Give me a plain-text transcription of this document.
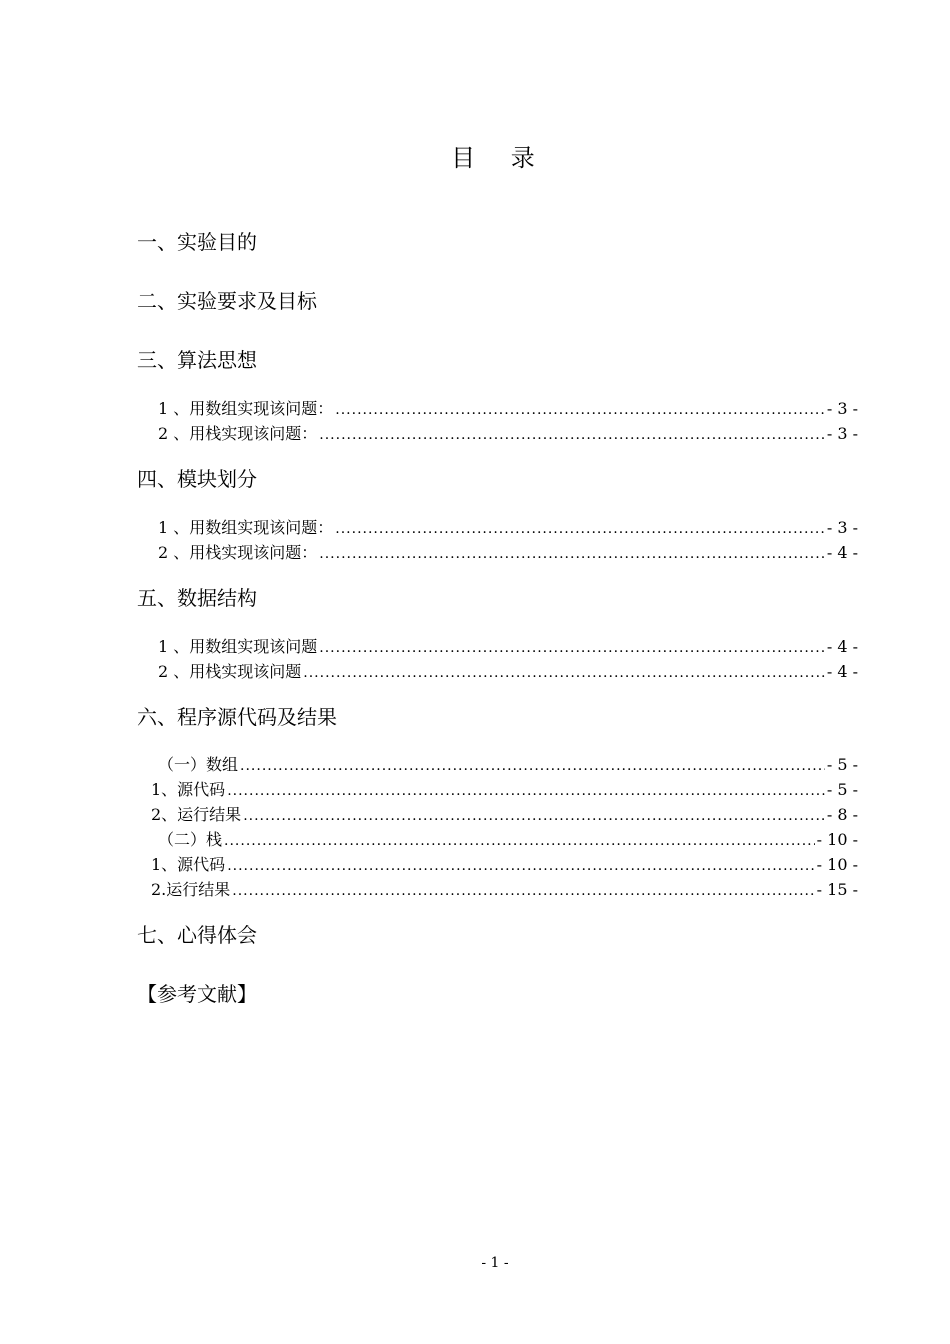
目 录
一、实验目的
二、实验要求及目标
三、算法思想
1 、用数组实现该问题： .....	- 3 -
2 、用栈实现该问题： .....	- 3 -
四、模块划分
1 、用数组实现该问题： .....	- 3 -
2 、用栈实现该问题： .....	- 4 -
五、数据结构
1 、用数组实现该问题 .....	- 4 -
2 、用栈实现该问题 .....	- 4 -
六、程序源代码及结果
（一）数组 .....	- 5 -
1、源代码 .....	- 5 -
2、运行结果 .....	- 8 -
（二）栈 .....	- 10 -
1、源代码 .....	- 10 -
2.运行结果 .....	- 15 -
七、心得体会
【参考文献】
- 1 -
